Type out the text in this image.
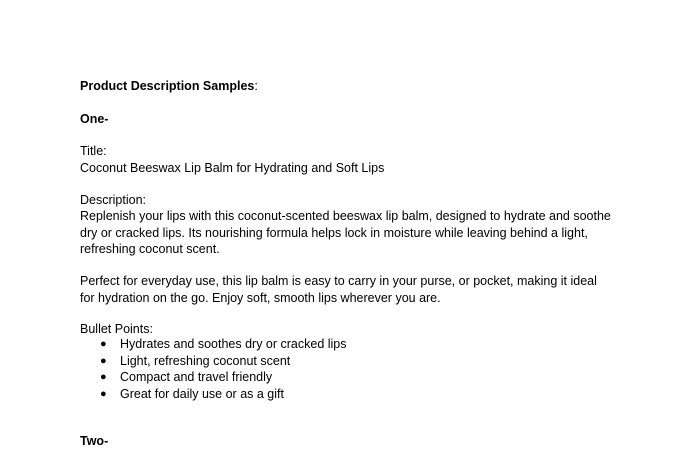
Product Description Samples:
One-
Title:
Coconut Beeswax Lip Balm for Hydrating and Soft Lips
Description:
Replenish your lips with this coconut-scented beeswax lip balm, designed to hydrate and soothe
dry or cracked lips. Its nourishing formula helps lock in moisture while leaving behind a light,
refreshing coconut scent.
Perfect for everyday use, this lip balm is easy to carry in your purse, or pocket, making it ideal
for hydration on the go. Enjoy soft, smooth lips wherever you are.
Bullet Points:
● Hydrates and soothes dry or cracked lips
● Light, refreshing coconut scent
● Compact and travel friendly
● Great for daily use or as a gift
Two-
